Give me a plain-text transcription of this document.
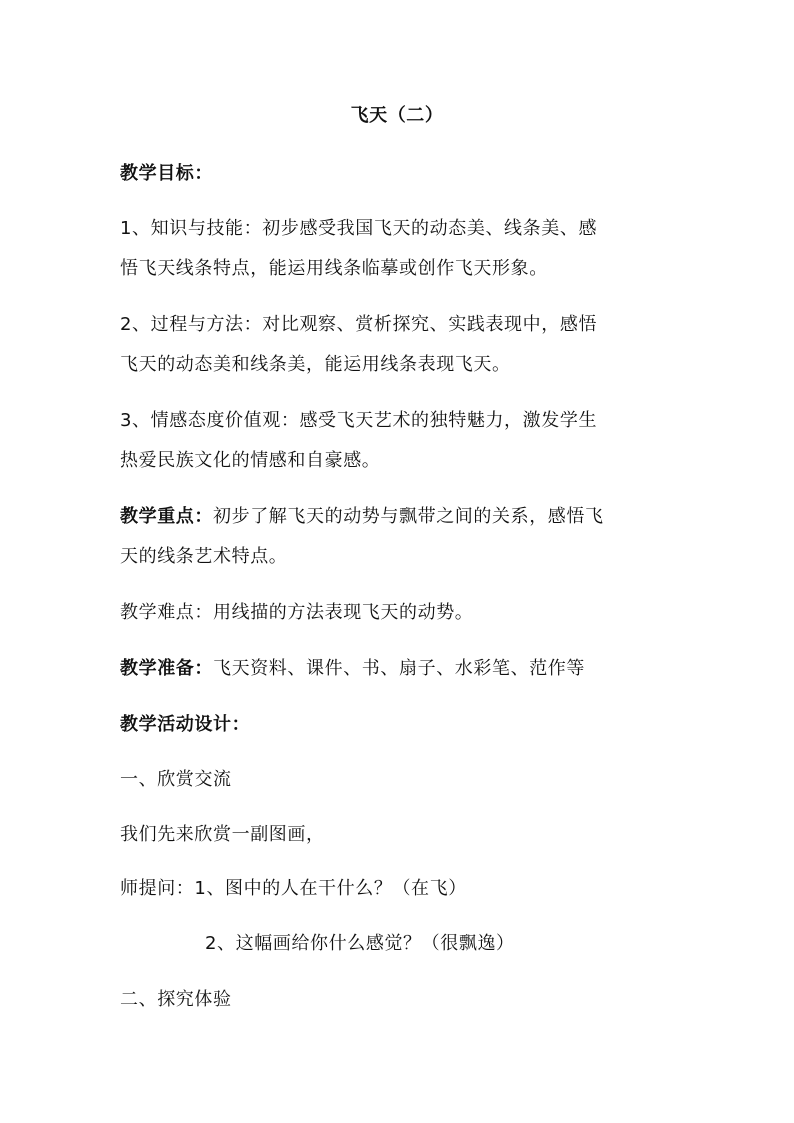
飞天（二）
教学目标：
1、知识与技能：初步感受我国飞天的动态美、线条美、感
悟飞天线条特点，能运用线条临摹或创作飞天形象。
2、过程与方法：对比观察、赏析探究、实践表现中，感悟
飞天的动态美和线条美，能运用线条表现飞天。
3、情感态度价值观：感受飞天艺术的独特魅力，激发学生
热爱民族文化的情感和自豪感。
教学重点：初步了解飞天的动势与飘带之间的关系，感悟飞
天的线条艺术特点。
教学难点：用线描的方法表现飞天的动势。
教学准备：飞天资料、课件、书、扇子、水彩笔、范作等
教学活动设计：
一、欣赏交流
我们先来欣赏一副图画，
师提问：1、图中的人在干什么？（在飞）
2、这幅画给你什么感觉？（很飘逸）
二、探究体验
